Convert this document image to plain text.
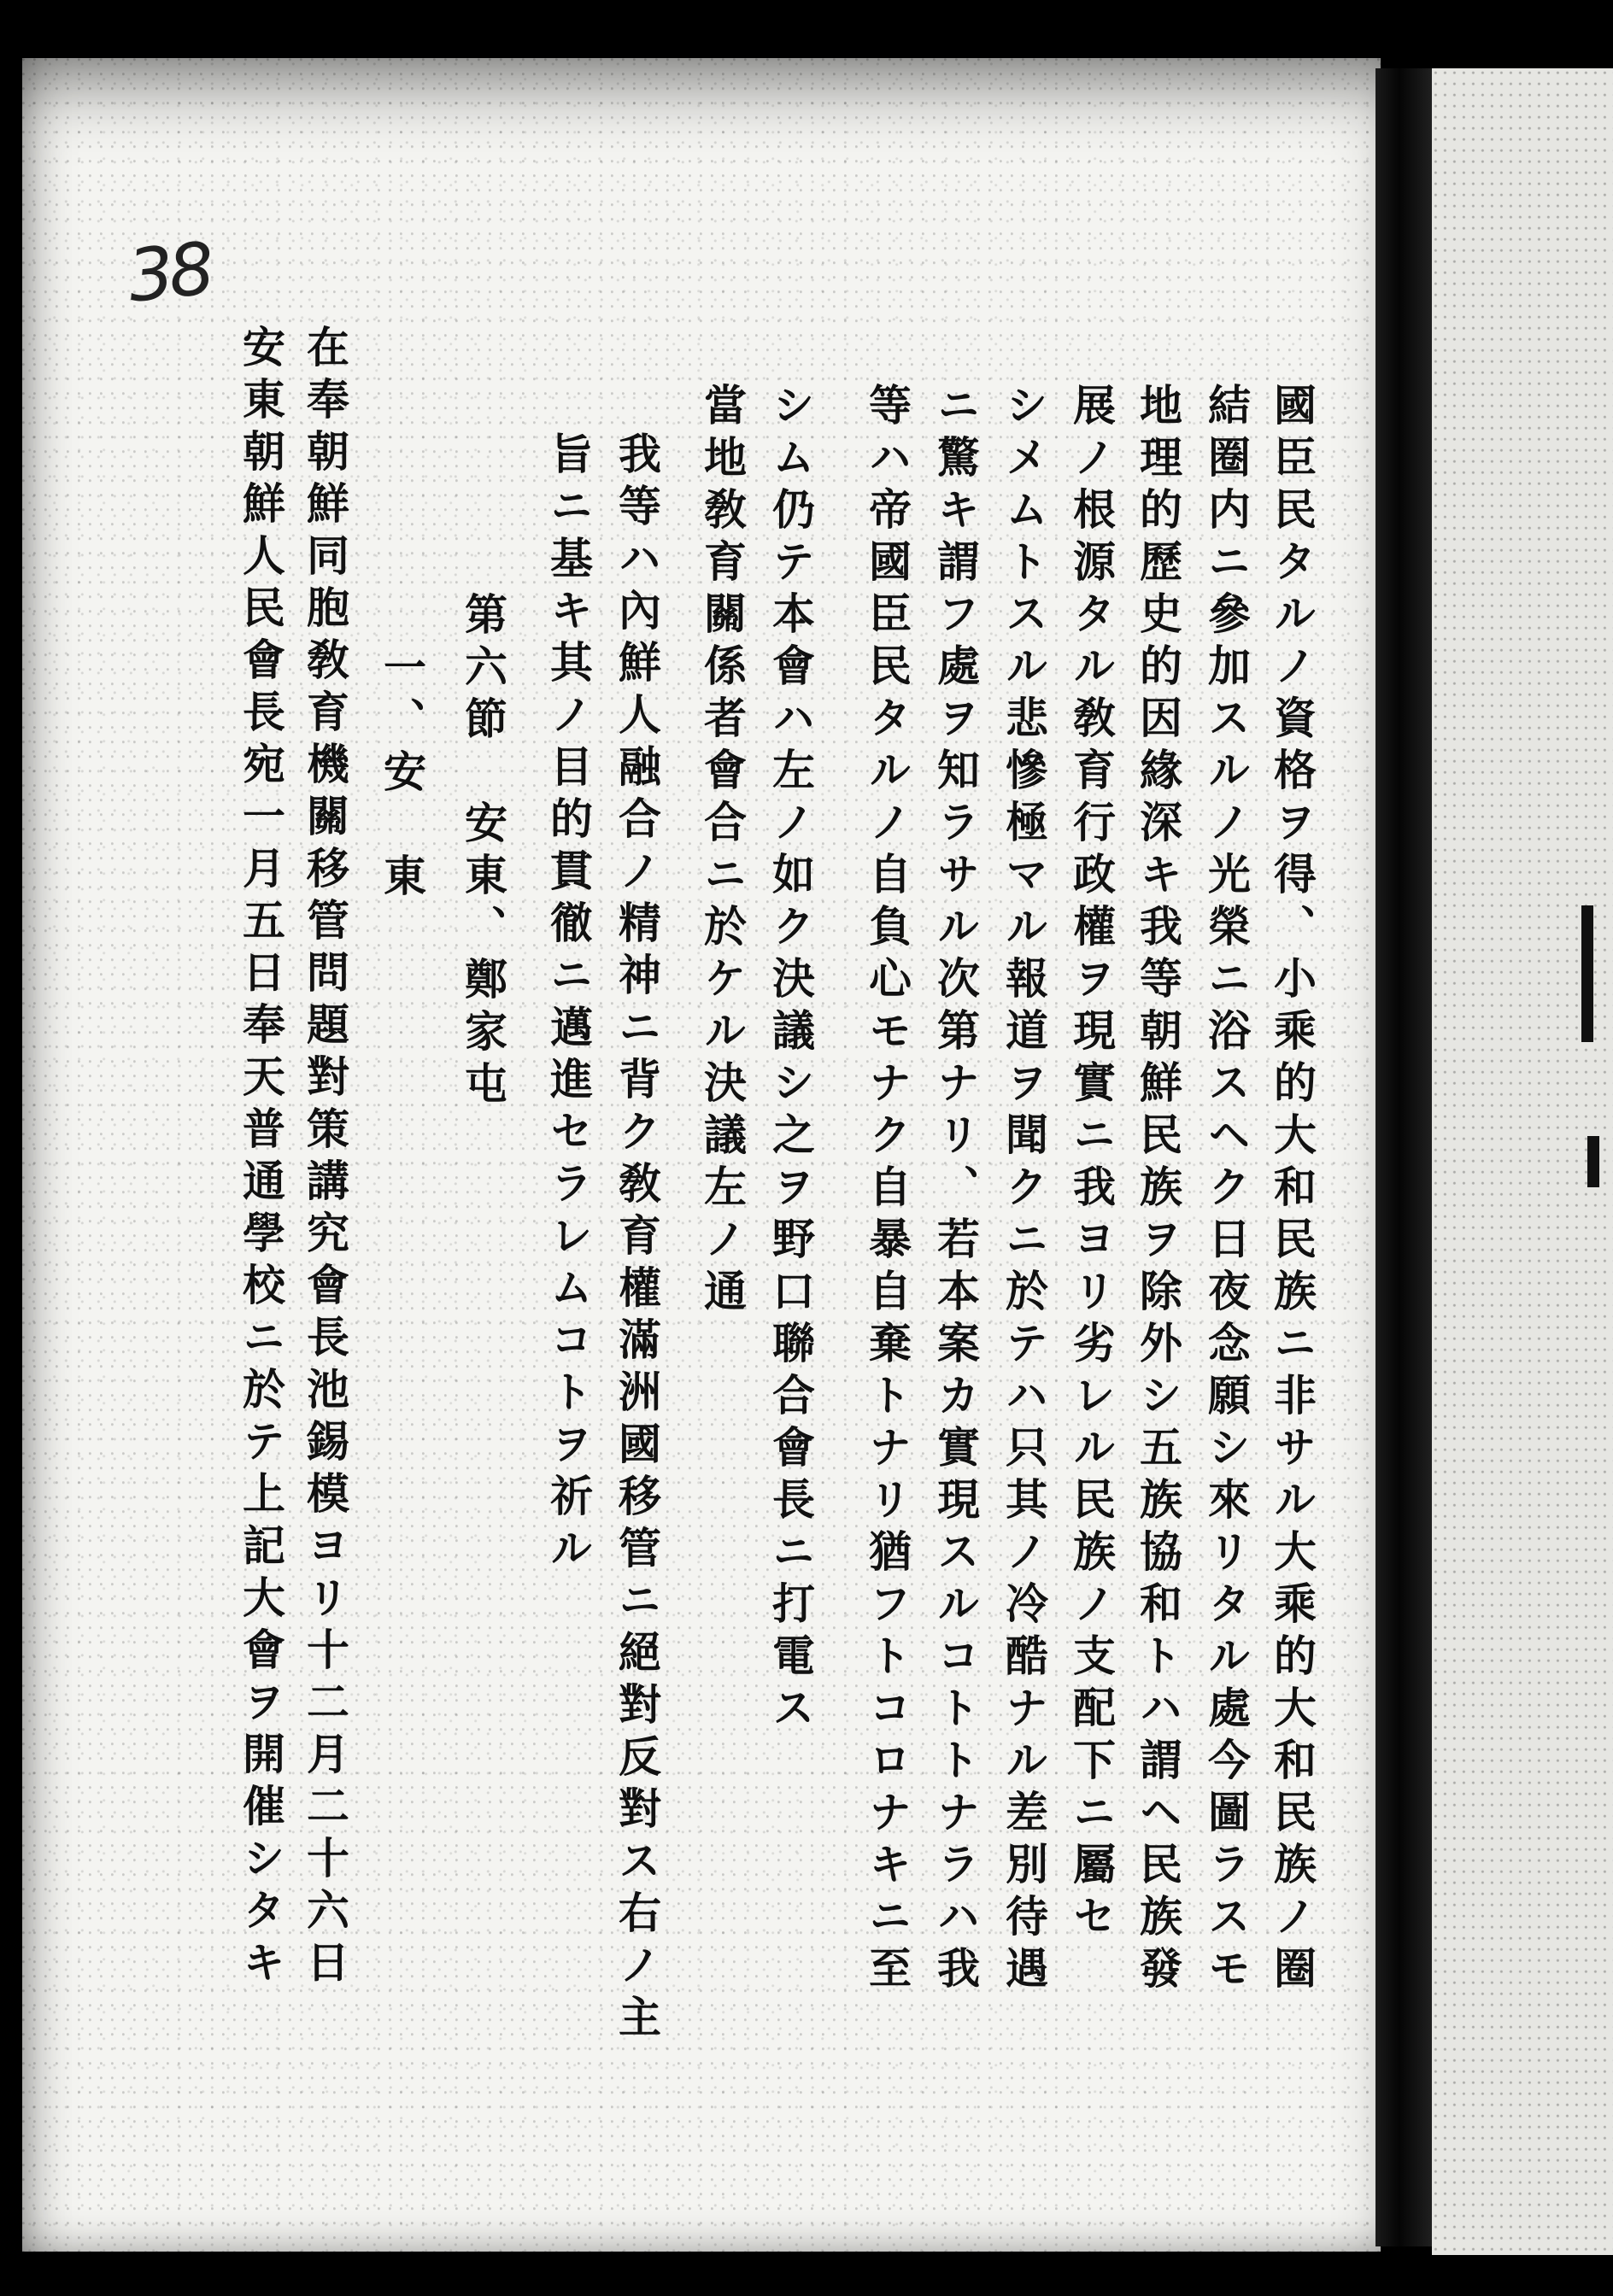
38
國臣民タルノ資格ヲ得、小乘的大和民族ニ非サル大乘的大和民族ノ圈
結圈内ニ參加スルノ光榮ニ浴スヘク日夜念願シ來リタル處今圖ラスモ
地理的歷史的因緣深キ我等朝鮮民族ヲ除外シ五族協和トハ謂ヘ民族發
展ノ根源タル敎育行政權ヲ現實ニ我ヨリ劣レル民族ノ支配下ニ屬セ
シメムトスル悲慘極マル報道ヲ聞クニ於テハ只其ノ冷酷ナル差別待遇
ニ驚キ謂フ處ヲ知ラサル次第ナリ、若本案カ實現スルコトトナラハ我
等ハ帝國臣民タルノ自負心モナク自暴自棄トナリ猶フトコロナキニ至
シム仍テ本會ハ左ノ如ク決議シ之ヲ野口聯合會長ニ打電ス
當地敎育關係者會合ニ於ケル決議左ノ通
我等ハ內鮮人融合ノ精神ニ背ク敎育權滿洲國移管ニ絕對反對ス右ノ主
旨ニ基キ其ノ目的貫徹ニ邁進セラレムコトヲ祈ル
第六節　安東、鄭家屯
一、安　東
在奉朝鮮同胞敎育機關移管問題對策講究會長池錫模ヨリ十二月二十六日
安東朝鮮人民會長宛一月五日奉天普通學校ニ於テ上記大會ヲ開催シタキ
